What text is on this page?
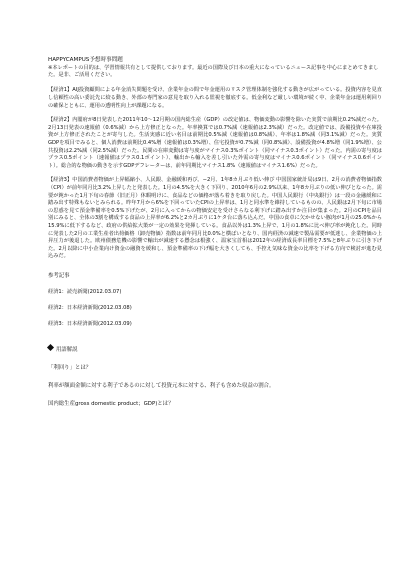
HAPPYCAMPUS予想時事問題
※本レポートの目的は、学習情報共有として提供しております。最近の国際及び日本の重大になっているニュース記事を中心にまとめてきました。是非、ご活用ください。
【経済1】AIJ投資顧問による年金消失問題を受け、企業年金の問で年金運用のリスク管理体制を強化する動きが広がっている。投資内容を見直し信頼性の高い委託先に絞る動き、外部の専門家の意見を取り入れる監視を徹底する。低金利など厳しい環境が続く中、企業年金は運用利回りの確保とともに、運用の透明性向上が課題になる。
【経済2】内閣府が8日発表した2011年10〜12月期の国内総生産（GDP）の改定値は、物価変動の影響を除いた実質で前期比0.2%減だった。2月13日発表の速報値（0.6%減）から上方修正となった。年率換算では0.7%減（速報値は2.3%減）だった。改定値では、設備投資や在庫投資が上方修正されたことが寄与した。生活実感に近い名目は前期比0.5%減（速報値は0.8%減）、年率は1.8%減（同3.1%減）だった。実質GDPを項目でみると、個人消費は前期比0.4%増（速報値は0.3%増）、住宅投資が0.7%減（同0.8%減）、設備投資が4.8%増（同1.9%増）、公共投資は2.2%減（同2.5%減）だった。民間の在庫変動は寄与度がマイナス0.3%ポイント（同マイナス0.3ポイント）だった。内需の寄与度はプラス0.5ポイント（速報値はプラス0.1ポイント）、輸出から輸入を差し引いた外需の寄与度はマイナス0.6ポイント（同マイナス0.6ポイント）。総合的な物価の動きを示すGDPデフレーターは、前年同期比マイナス1.8%（速報値はマイナス1.6%）だった。
【経済3】中国消費者物価が上昇幅縮小、人民銀、金融緩和再び。−2月、1年8カ月ぶり低い伸び 中国国家統計局は9日、2月の消費者物価指数（CPI）が前年同月比3.2%上昇したと発表した。1月の4.5%を大きく下回り、2010年6月の2.9%以来、1年8カ月ぶりの低い伸びとなった。需要が鈍かった1月下旬の春節（旧正月）休暇明けに、食品などの価格が落ち着きを取り戻した。中国人民銀行（中央銀行）は一段の金融緩和に踏み出す特殊もないとみられる。昨年7月から6%を下回っていたCPIの上昇率は、1月と同水準を維持しているものの、人民銀は2月下旬に市場の思惑を見て預金準備率を0.5%下げたが、2月に入ってからの物価安定を受けさらなる利下げに踏み出すか注目が集まった。2月のCPIを品目別にみると、全体の3割を構成する食品の上昇率が6.2%と2カ月ぶりに1ケタ台に落ち込んだ。中国の食卓に欠かせない豚肉が1月の25.0%から15.9%に低下するなど、政府の供給拡大策が一定の効果を発揮している。食品以外は1.3%上昇で、1月の1.8%に比べ伸び率が鈍化した。同時に発表した2月の工業生産者出荷価格（卸売物価）指数は前年同月比0.0%と横ばいとなり、国内経済の減速で製品需要が低迷し、企業物価の上昇圧力が後退した。欧州債務危機の影響で輸出が減速する懸念は根強く、温家宝首相は2012年の経済成長率目標を7.5%と8年ぶりに引き下げた。2月以降に中小企業向け資金の融資を緩和し、預金準備率の下げ幅を大きくしても、手控え気味な資金の比率を下げる方向で検討が進む見込みだ。
参考記事
経済1：読売新聞(2012.03.07)
経済2：日本経済新聞(2012.03.08)
経済3：日本経済新聞(2012.03.09)
用語解説
「利回り」とは？
利率が額面金額に対する利子であるのに対して投資元本に対する、利子も含めた収益の割合。
国内総生産gross domestic product；GDP)とは？
